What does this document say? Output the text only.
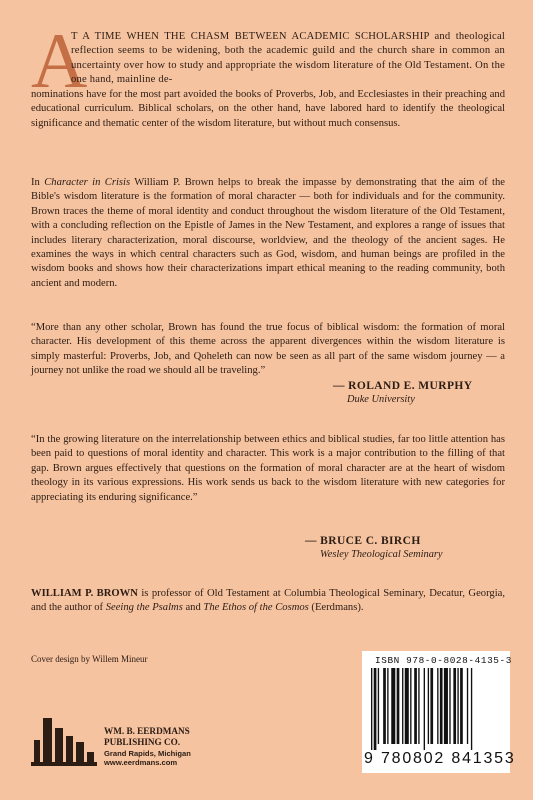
A

T A TIME WHEN THE CHASM BETWEEN ACADEMIC SCHOLARSHIP and theological reflection seems to be widening, both the academic guild and the church share in common an uncertainty over how to study and appropriate the wisdom literature of the Old Testament. On the one hand, mainline de-

nominations have for the most part avoided the books of Proverbs, Job, and Ecclesiastes in their preaching and educational curriculum. Biblical scholars, on the other hand, have labored hard to identify the theological significance and thematic center of the wisdom literature, but without much consensus.

In Character in Crisis William P. Brown helps to break the impasse by demonstrating that the aim of the Bible's wisdom literature is the formation of moral character — both for individuals and for the community. Brown traces the theme of moral identity and conduct throughout the wisdom literature of the Old Testament, with a concluding reflection on the Epistle of James in the New Testament, and explores a range of issues that includes literary characterization, moral discourse, worldview, and the theology of the ancient sages. He examines the ways in which central characters such as God, wisdom, and human beings are profiled in the wisdom books and shows how their characterizations impart ethical meaning to the reading community, both ancient and modern.

“More than any other scholar, Brown has found the true focus of biblical wisdom: the formation of moral character. His development of this theme across the apparent divergences within the wisdom literature is simply masterful: Proverbs, Job, and Qoheleth can now be seen as all part of the same wisdom journey — a journey not unlike the road we should all be traveling.”

— ROLAND E. MURPHY
Duke University

“In the growing literature on the interrelationship between ethics and biblical studies, far too little attention has been paid to questions of moral identity and character. This work is a major contribution to the filling of that gap. Brown argues effectively that questions on the formation of moral character are at the heart of wisdom theology in its various expressions. His work sends us back to the wisdom literature with new categories for appreciating its enduring significance.”

— BRUCE C. BIRCH
Wesley Theological Seminary

WILLIAM P. BROWN is professor of Old Testament at Columbia Theological Seminary, Decatur, Georgia, and the author of Seeing the Psalms and The Ethos of the Cosmos (Eerdmans).

Cover design by Willem Mineur
WM. B. EERDMANS
PUBLISHING CO.
Grand Rapids, Michigan
www.eerdmans.com
ISBN 978-0-8028-4135-3
9 780802 841353
